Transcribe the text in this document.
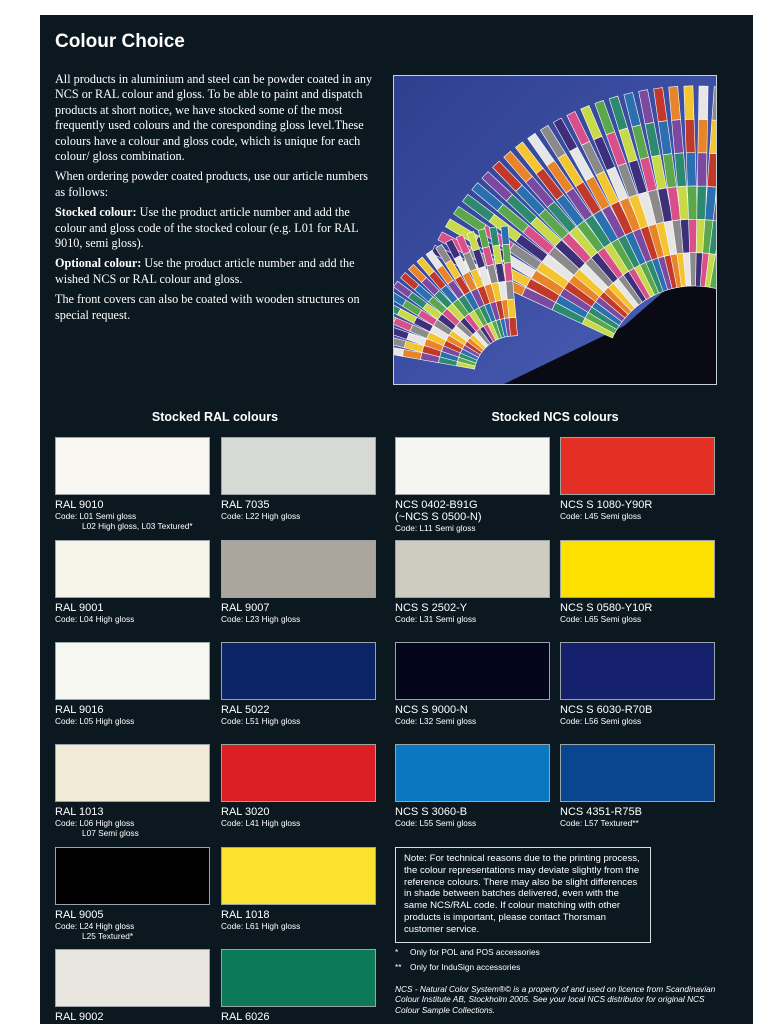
Colour Choice

All products in aluminium and steel can be powder coated in any NCS or RAL colour and gloss. To be able to paint and dispatch products at short notice, we have stocked some of the most frequently used colours and the coresponding gloss level.These colours have a colour and gloss code, which is unique for each colour/ gloss combination.

When ordering powder coated products, use our article numbers as follows:

Stocked colour: Use the product article number and add the colour and gloss code of the stocked colour (e.g. L01 for RAL 9010, semi gloss).

Optional colour: Use the product article number and add the wished NCS or RAL colour and gloss.

The front covers can also be coated with wooden structures on special request.

Stocked RAL colours	Stocked NCS colours
RAL 9010
Code: L01 Semi gloss
L02 High gloss, L03 Textured*
RAL 9001
Code: L04 High gloss
RAL 9016
Code: L05 High gloss
RAL 1013
Code: L06 High gloss
L07 Semi gloss
RAL 9005
Code: L24 High gloss
L25 Textured*
RAL 9002
RAL 7035
Code: L22 High gloss
RAL 9007
Code: L23 High gloss
RAL 5022
Code: L51 High gloss
RAL 3020
Code: L41 High gloss
RAL 1018
Code: L61 High gloss
RAL 6026
NCS 0402-B91G
(~NCS S 0500-N)
Code: L11 Semi gloss
NCS S 2502-Y
Code: L31 Semi gloss
NCS S 9000-N
Code: L32 Semi gloss
NCS S 3060-B
Code: L55 Semi gloss
NCS S 1080-Y90R
Code: L45 Semi gloss
NCS S 0580-Y10R
Code: L65 Semi gloss
NCS S 6030-R70B
Code: L56 Semi gloss
NCS 4351-R75B
Code: L57 Textured**
Note: For technical reasons due to the printing process, the colour representations may deviate slightly from the reference colours. There may also be slight differences in shade between batches delivered, even with the same NCS/RAL code. If colour matching with other products is important, please contact Thorsman customer service.
* Only for POL and POS accessories
** Only for InduSign accessories
NCS - Natural Color System®© is a property of and used on licence from Scandinavian Colour Institute AB, Stockholm 2005. See your local NCS distributor for original NCS Colour Sample Collections.
